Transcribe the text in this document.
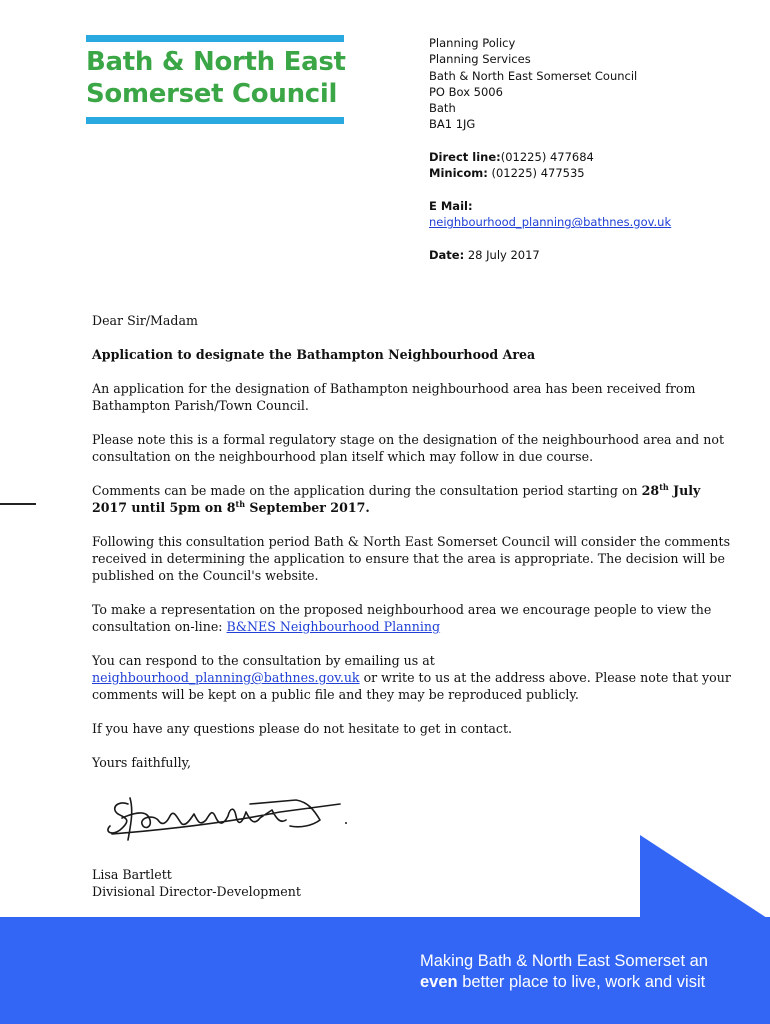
Bath & North East
Somerset Council
Planning Policy
Planning Services
Bath & North East Somerset Council
PO Box 5006
Bath
BA1 1JG
Direct line:(01225) 477684
Minicom: (01225) 477535
E Mail:
neighbourhood_planning@bathnes.gov.uk
Date: 28 July 2017

Dear Sir/Madam

Application to designate the Bathampton Neighbourhood Area

An application for the designation of Bathampton neighbourhood area has been received from Bathampton Parish/Town Council.

Please note this is a formal regulatory stage on the designation of the neighbourhood area and not consultation on the neighbourhood plan itself which may follow in due course.

Comments can be made on the application during the consultation period starting on 28th July 2017 until 5pm on 8th September 2017.

Following this consultation period Bath & North East Somerset Council will consider the comments received in determining the application to ensure that the area is appropriate. The decision will be published on the Council's website.

To make a representation on the proposed neighbourhood area we encourage people to view the consultation on-line: B&NES Neighbourhood Planning

You can respond to the consultation by emailing us at
neighbourhood_planning@bathnes.gov.uk or write to us at the address above. Please note that your comments will be kept on a public file and they may be reproduced publicly.

If you have any questions please do not hesitate to get in contact.

Yours faithfully,

Lisa Bartlett

Divisional Director-Development

Making Bath & North East Somerset an
even better place to live, work and visit
